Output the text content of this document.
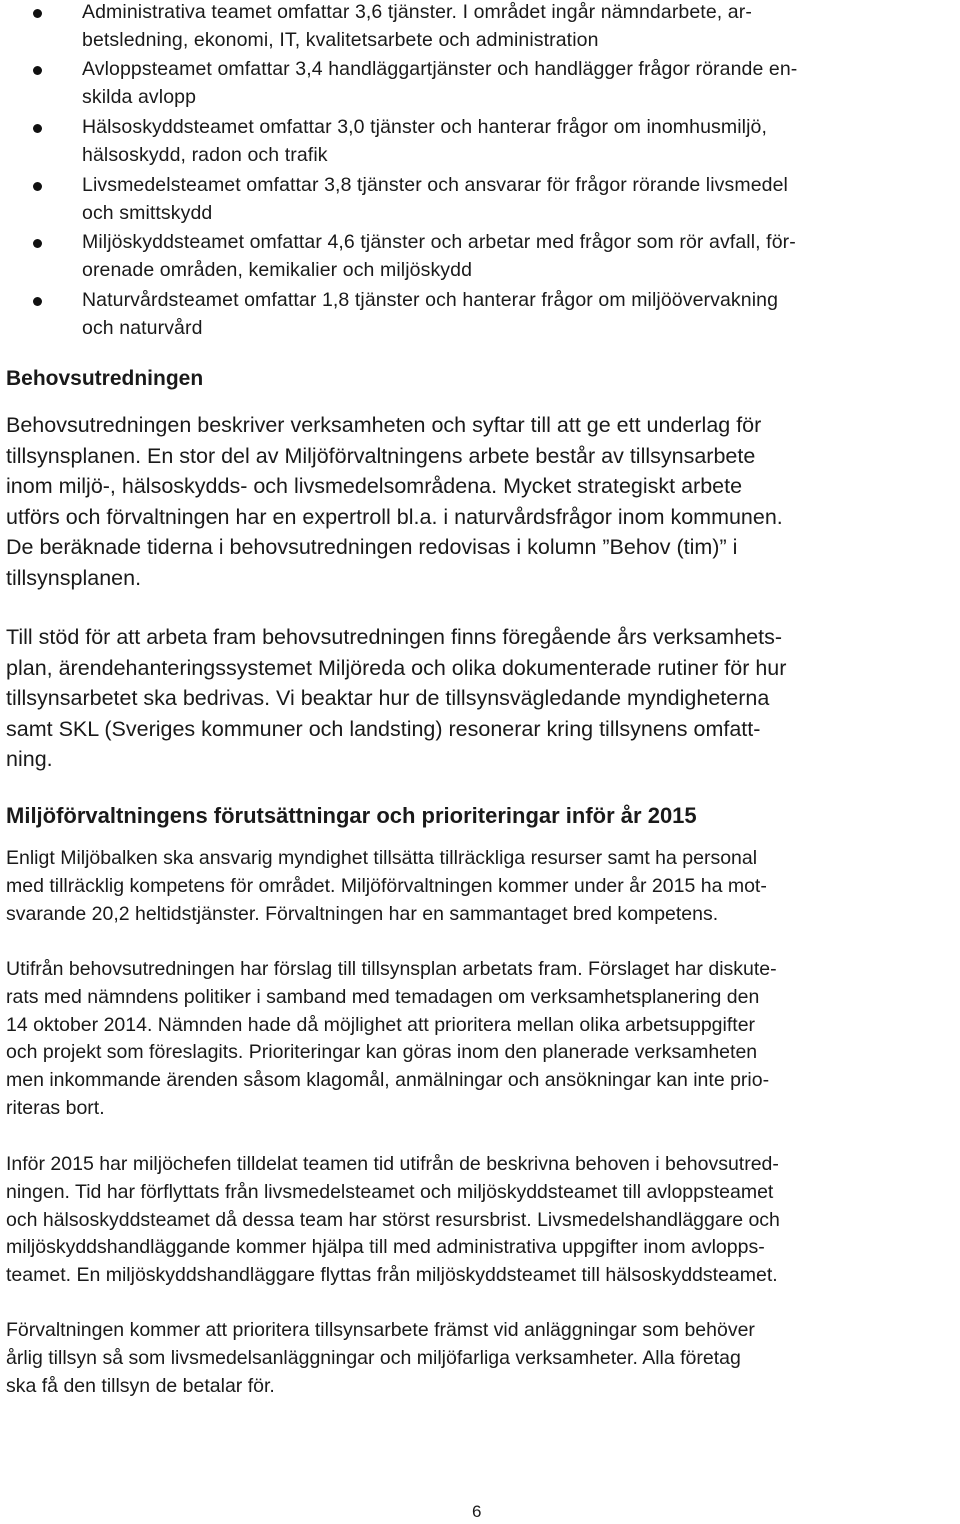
Administrativa teamet omfattar 3,6 tjänster. I området ingår nämndarbete, ar-
betsledning, ekonomi, IT, kvalitetsarbete och administration
Avloppsteamet omfattar 3,4 handläggartjänster och handlägger frågor rörande en-
skilda avlopp
Hälsoskyddsteamet omfattar 3,0 tjänster och hanterar frågor om inomhusmiljö,
hälsoskydd, radon och trafik
Livsmedelsteamet omfattar 3,8 tjänster och ansvarar för frågor rörande livsmedel
och smittskydd
Miljöskyddsteamet omfattar 4,6 tjänster och arbetar med frågor som rör avfall, för-
orenade områden, kemikalier och miljöskydd
Naturvårdsteamet omfattar 1,8 tjänster och hanterar frågor om miljöövervakning
och naturvård
Behovsutredningen
Behovsutredningen beskriver verksamheten och syftar till att ge ett underlag för
tillsynsplanen. En stor del av Miljöförvaltningens arbete består av tillsynsarbete
inom miljö-, hälsoskydds- och livsmedelsområdena. Mycket strategiskt arbete
utförs och förvaltningen har en expertroll bl.a. i naturvårdsfrågor inom kommunen.
De beräknade tiderna i behovsutredningen redovisas i kolumn ”Behov (tim)” i
tillsynsplanen.
Till stöd för att arbeta fram behovsutredningen finns föregående års verksamhets-
plan, ärendehanteringssystemet Miljöreda och olika dokumenterade rutiner för hur
tillsynsarbetet ska bedrivas. Vi beaktar hur de tillsynsvägledande myndigheterna
samt SKL (Sveriges kommuner och landsting) resonerar kring tillsynens omfatt-
ning.
Miljöförvaltningens förutsättningar och prioriteringar inför år 2015
Enligt Miljöbalken ska ansvarig myndighet tillsätta tillräckliga resurser samt ha personal
med tillräcklig kompetens för området. Miljöförvaltningen kommer under år 2015 ha mot-
svarande 20,2 heltidstjänster. Förvaltningen har en sammantaget bred kompetens.
Utifrån behovsutredningen har förslag till tillsynsplan arbetats fram. Förslaget har diskute-
rats med nämndens politiker i samband med temadagen om verksamhetsplanering den
14 oktober 2014. Nämnden hade då möjlighet att prioritera mellan olika arbetsuppgifter
och projekt som föreslagits. Prioriteringar kan göras inom den planerade verksamheten
men inkommande ärenden såsom klagomål, anmälningar och ansökningar kan inte prio-
riteras bort.
Inför 2015 har miljöchefen tilldelat teamen tid utifrån de beskrivna behoven i behovsutred-
ningen. Tid har förflyttats från livsmedelsteamet och miljöskyddsteamet till avloppsteamet
och hälsoskyddsteamet då dessa team har störst resursbrist. Livsmedelshandläggare och
miljöskyddshandläggande kommer hjälpa till med administrativa uppgifter inom avlopps-
teamet. En miljöskyddshandläggare flyttas från miljöskyddsteamet till hälsoskyddsteamet.
Förvaltningen kommer att prioritera tillsynsarbete främst vid anläggningar som behöver
årlig tillsyn så som livsmedelsanläggningar och miljöfarliga verksamheter. Alla företag
ska få den tillsyn de betalar för.
6
